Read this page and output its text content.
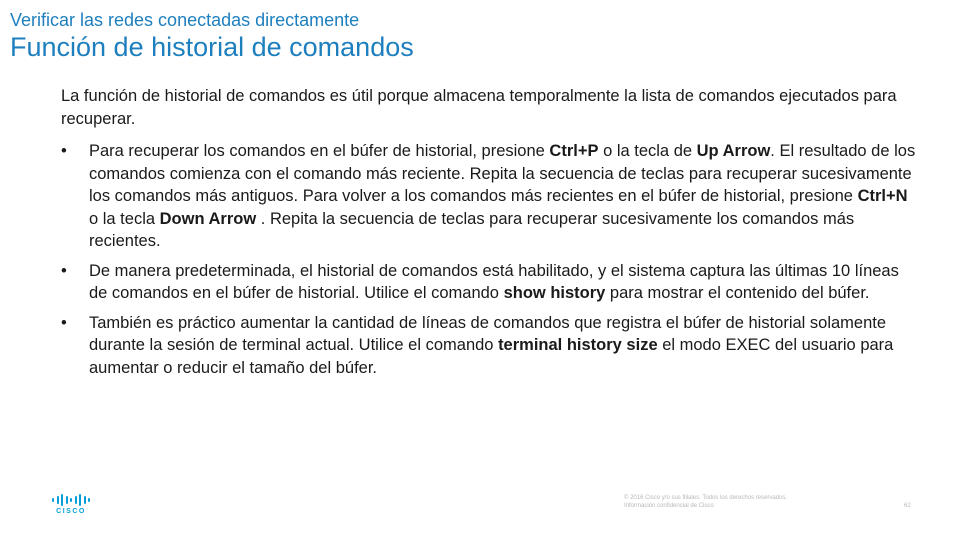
Verificar las redes conectadas directamente
Función de historial de comandos

La función de historial de comandos es útil porque almacena temporalmente la lista de comandos ejecutados para recuperar.

•	Para recuperar los comandos en el búfer de historial, presione Ctrl+P o la tecla de Up Arrow. El resultado de los comandos comienza con el comando más reciente. Repita la secuencia de teclas para recuperar sucesivamente los comandos más antiguos. Para volver a los comandos más recientes en el búfer de historial, presione Ctrl+N o la tecla Down Arrow . Repita la secuencia de teclas para recuperar sucesivamente los comandos más recientes.
•	De manera predeterminada, el historial de comandos está habilitado, y el sistema captura las últimas 10 líneas de comandos en el búfer de historial. Utilice el comando show history para mostrar el contenido del búfer.
•	También es práctico aumentar la cantidad de líneas de comandos que registra el búfer de historial solamente durante la sesión de terminal actual. Utilice el comando terminal history size el modo EXEC del usuario para aumentar o reducir el tamaño del búfer.
CISCO
© 2016 Cisco y/o sus filiales. Todos los derechos reservados.
Información confidencial de Cisco	62
